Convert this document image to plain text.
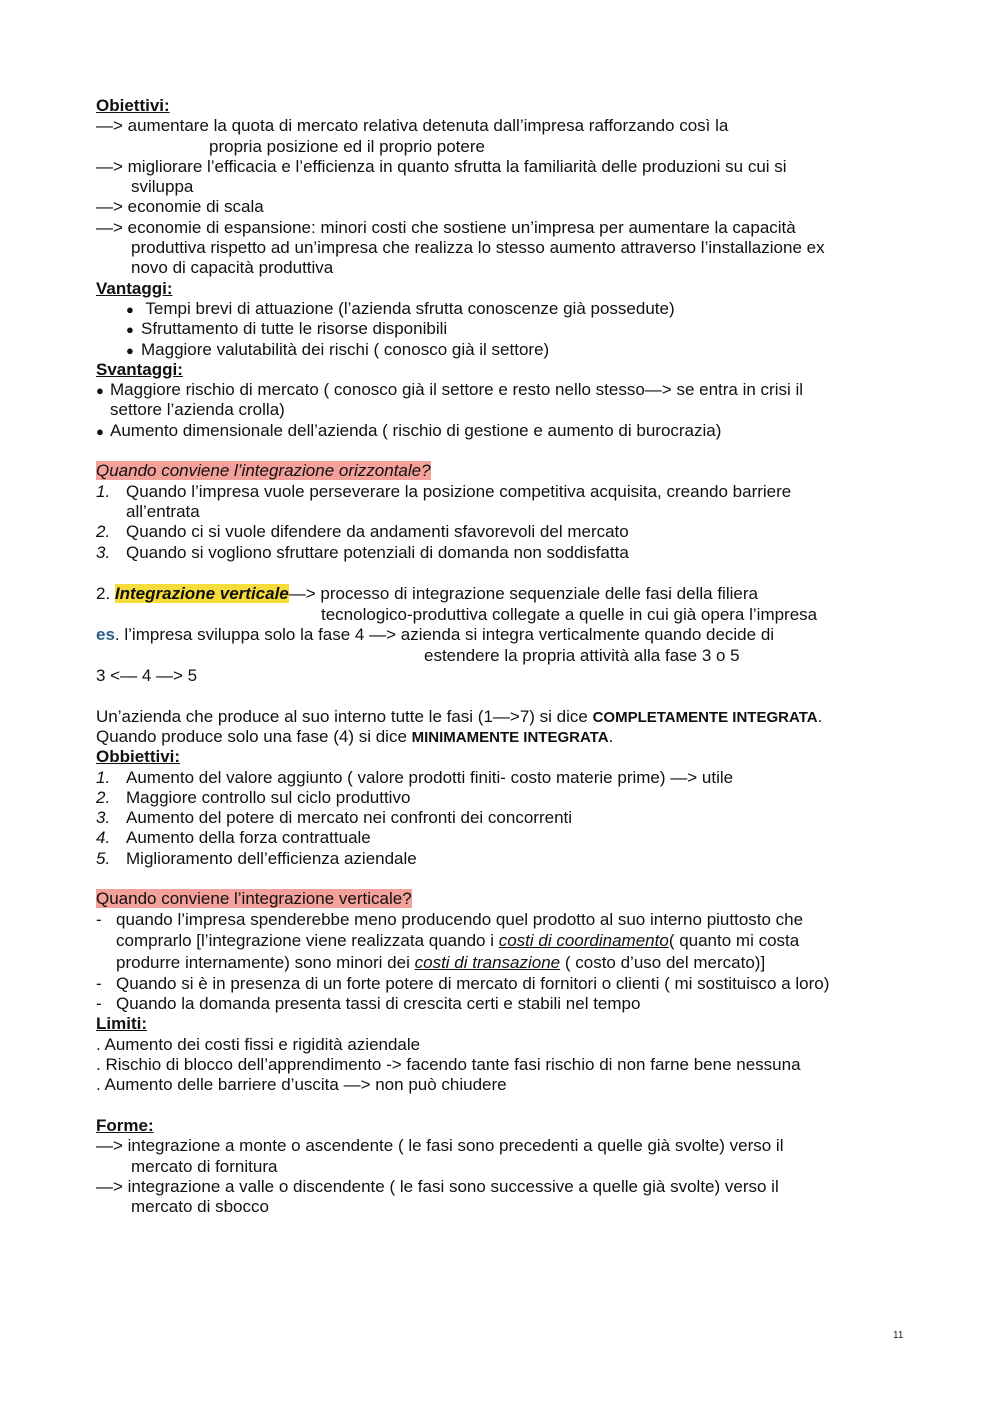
Obiettivi:
—> aumentare la quota di mercato relativa detenuta dall’impresa rafforzando così la
propria posizione ed il proprio potere
—> migliorare l’efficacia e l’efficienza in quanto sfrutta la familiarità delle produzioni su cui si
sviluppa
—> economie di scala
—> economie di espansione: minori costi che sostiene un’impresa per aumentare la capacità
produttiva rispetto ad un’impresa che realizza lo stesso aumento attraverso l’installazione ex
novo di capacità produttiva
Vantaggi:
● Tempi brevi di attuazione (l’azienda sfrutta conoscenze già possedute)
● Sfruttamento di tutte le risorse disponibili
● Maggiore valutabilità dei rischi ( conosco già il settore)
Svantaggi:
● Maggiore rischio di mercato ( conosco già il settore e resto nello stesso—> se entra in crisi il
settore l’azienda crolla)
● Aumento dimensionale dell’azienda ( rischio di gestione e aumento di burocrazia)
Quando conviene l’integrazione orizzontale?
1. Quando l’impresa vuole perseverare la posizione competitiva acquisita, creando barriere
all’entrata
2. Quando ci si vuole difendere da andamenti sfavorevoli del mercato
3. Quando si vogliono sfruttare potenziali di domanda non soddisfatta
2. Integrazione verticale—> processo di integrazione sequenziale delle fasi della filiera
tecnologico-produttiva collegate a quelle in cui già opera l’impresa
es. l’impresa sviluppa solo la fase 4 —> azienda si integra verticalmente quando decide di
estendere la propria attività alla fase 3 o 5
3 <— 4 —> 5
Un’azienda che produce al suo interno tutte le fasi (1—>7) si dice COMPLETAMENTE INTEGRATA.
Quando produce solo una fase (4) si dice MINIMAMENTE INTEGRATA.
Obbiettivi:
1. Aumento del valore aggiunto ( valore prodotti finiti- costo materie prime) —> utile
2. Maggiore controllo sul ciclo produttivo
3. Aumento del potere di mercato nei confronti dei concorrenti
4. Aumento della forza contrattuale
5. Miglioramento dell’efficienza aziendale
Quando conviene l’integrazione verticale?
- quando l’impresa spenderebbe meno producendo quel prodotto al suo interno piuttosto che
comprarlo [l’integrazione viene realizzata quando i costi di coordinamento( quanto mi costa
produrre internamente) sono minori dei costi di transazione ( costo d’uso del mercato)]
- Quando si è in presenza di un forte potere di mercato di fornitori o clienti ( mi sostituisco a loro)
- Quando la domanda presenta tassi di crescita certi e stabili nel tempo
Limiti:
. Aumento dei costi fissi e rigidità aziendale
. Rischio di blocco dell’apprendimento -> facendo tante fasi rischio di non farne bene nessuna
. Aumento delle barriere d’uscita —> non può chiudere
Forme:
—> integrazione a monte o ascendente ( le fasi sono precedenti a quelle già svolte) verso il
mercato di fornitura
—> integrazione a valle o discendente ( le fasi sono successive a quelle già svolte) verso il
mercato di sbocco
11
